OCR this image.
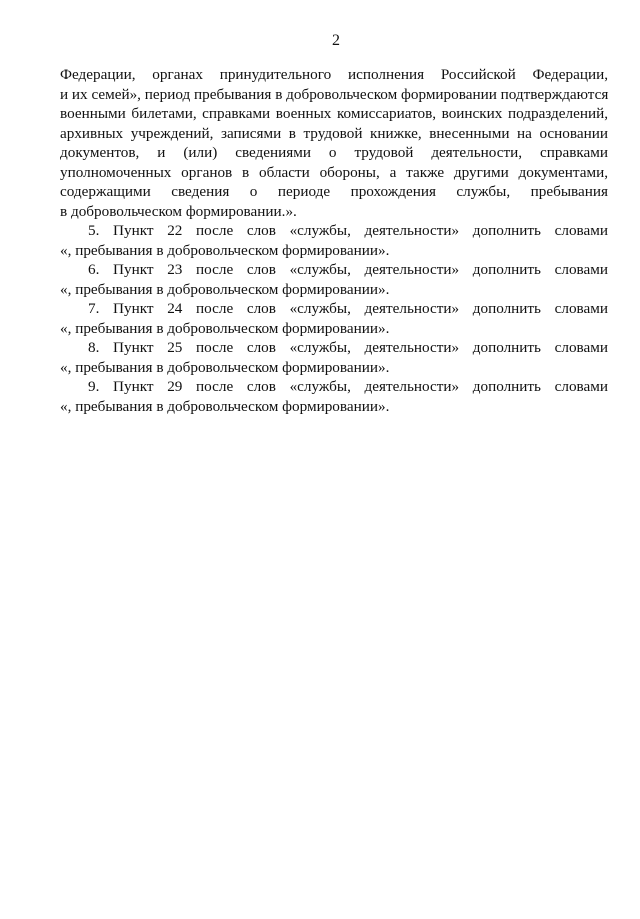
2
Федерации, органах принудительного исполнения Российской Федерации,
и их семей», период пребывания в добровольческом формировании подтверждаются
военными билетами, справками военных комиссариатов, воинских подразделений,
архивных учреждений, записями в трудовой книжке, внесенными на основании
документов, и (или) сведениями о трудовой деятельности, справками
уполномоченных органов в области обороны, а также другими документами,
содержащими сведения о периоде прохождения службы, пребывания
в добровольческом формировании.».
5. Пункт 22 после слов «службы, деятельности» дополнить словами
«, пребывания в добровольческом формировании».
6. Пункт 23 после слов «службы, деятельности» дополнить словами
«, пребывания в добровольческом формировании».
7. Пункт 24 после слов «службы, деятельности» дополнить словами
«, пребывания в добровольческом формировании».
8. Пункт 25 после слов «службы, деятельности» дополнить словами
«, пребывания в добровольческом формировании».
9. Пункт 29 после слов «службы, деятельности» дополнить словами
«, пребывания в добровольческом формировании».
